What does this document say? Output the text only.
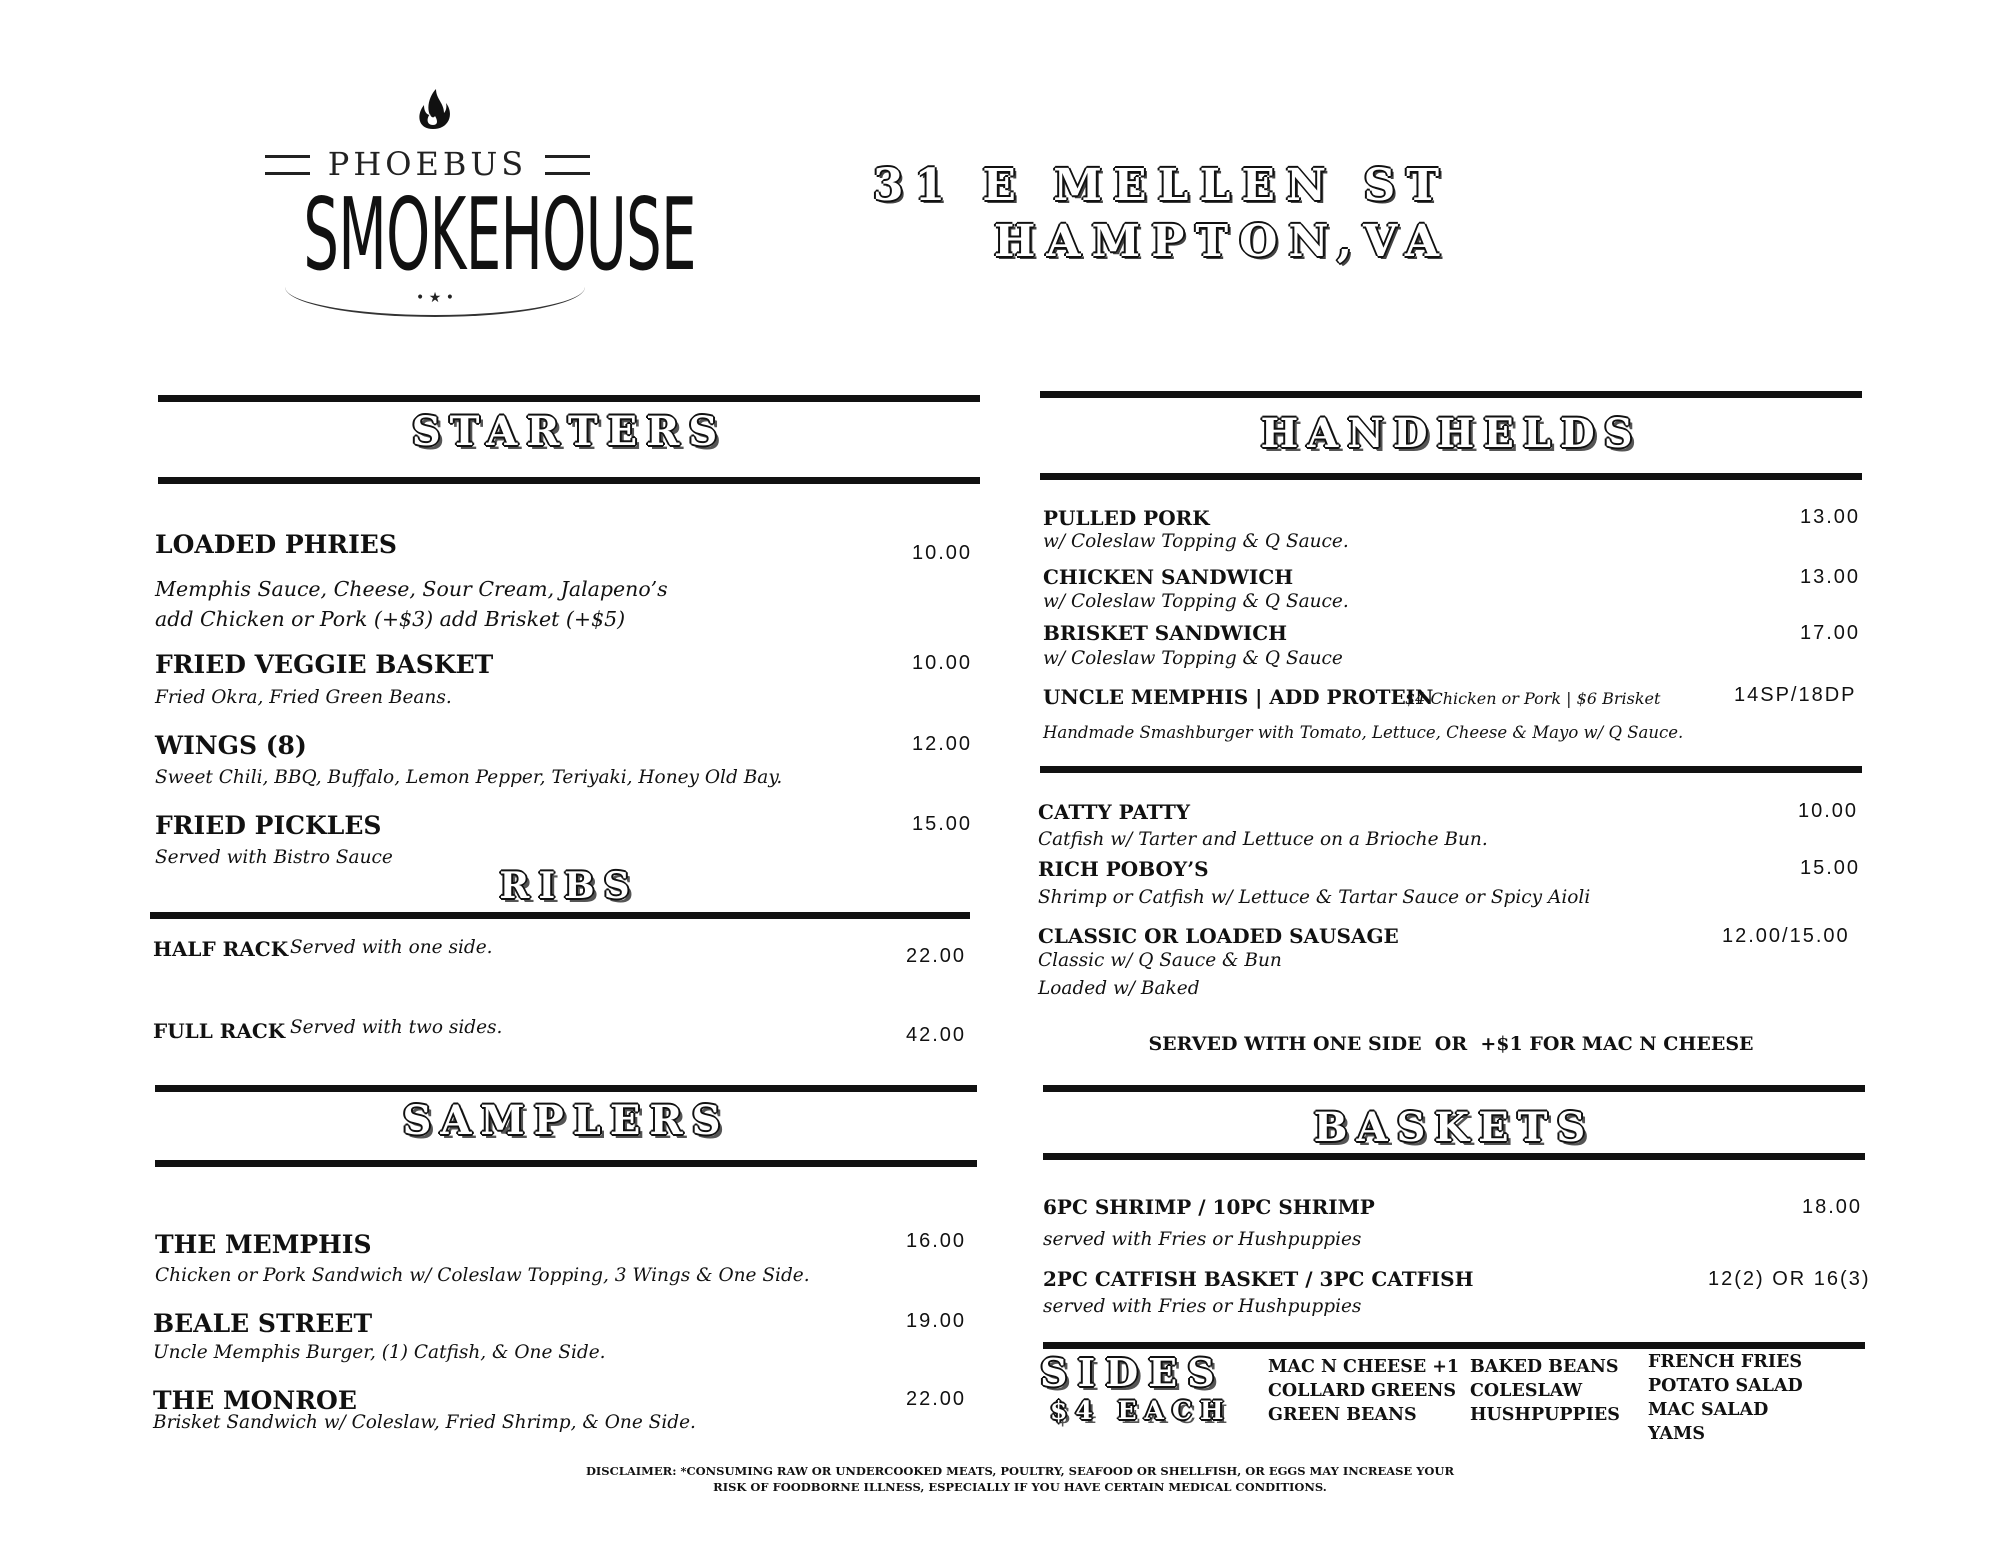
PHOEBUS
SMOKEHOUSE
• ★ •
31 E MELLEN ST
HAMPTON,VA
STARTERS
LOADED PHRIES	10.00
Memphis Sauce, Cheese, Sour Cream, Jalapeno’s
add Chicken or Pork (+$3) add Brisket (+$5)
FRIED VEGGIE BASKET	10.00
Fried Okra, Fried Green Beans.
WINGS (8)	12.00
Sweet Chili, BBQ, Buffalo, Lemon Pepper, Teriyaki, Honey Old Bay.
FRIED PICKLES	15.00
Served with Bistro Sauce
RIBS
HALF RACK Served with one side.	22.00
FULL RACK Served with two sides.	42.00
SAMPLERS
THE MEMPHIS	16.00
Chicken or Pork Sandwich w/ Coleslaw Topping, 3 Wings & One Side.
BEALE STREET	19.00
Uncle Memphis Burger, (1) Catfish, & One Side.
THE MONROE	22.00
Brisket Sandwich w/ Coleslaw, Fried Shrimp, & One Side.
HANDHELDS
PULLED PORK	13.00
w/ Coleslaw Topping & Q Sauce.
CHICKEN SANDWICH	13.00
w/ Coleslaw Topping & Q Sauce.
BRISKET SANDWICH	17.00
w/ Coleslaw Topping & Q Sauce
UNCLE MEMPHIS | ADD PROTEIN
$4 Chicken or Pork | $6 Brisket	14SP/18DP
Handmade Smashburger with Tomato, Lettuce, Cheese & Mayo w/ Q Sauce.
CATTY PATTY	10.00
Catfish w/ Tarter and Lettuce on a Brioche Bun.
RICH POBOY’S	15.00
Shrimp or Catfish w/ Lettuce & Tartar Sauce or Spicy Aioli
CLASSIC OR LOADED SAUSAGE	12.00/15.00
Classic w/ Q Sauce & Bun
Loaded w/ Baked
SERVED WITH ONE SIDE  OR  +$1 FOR MAC N CHEESE
BASKETS
6PC SHRIMP / 10PC SHRIMP	18.00
served with Fries or Hushpuppies
2PC CATFISH BASKET / 3PC CATFISH	12(2) OR 16(3)
served with Fries or Hushpuppies
SIDES
$4 EACH
MAC N CHEESE +1
COLLARD GREENS
GREEN BEANS
BAKED BEANS
COLESLAW
HUSHPUPPIES
FRENCH FRIES
POTATO SALAD
MAC SALAD
YAMS
DISCLAIMER: *CONSUMING RAW OR UNDERCOOKED MEATS, POULTRY, SEAFOOD OR SHELLFISH, OR EGGS MAY INCREASE YOUR
RISK OF FOODBORNE ILLNESS, ESPECIALLY IF YOU HAVE CERTAIN MEDICAL CONDITIONS.
